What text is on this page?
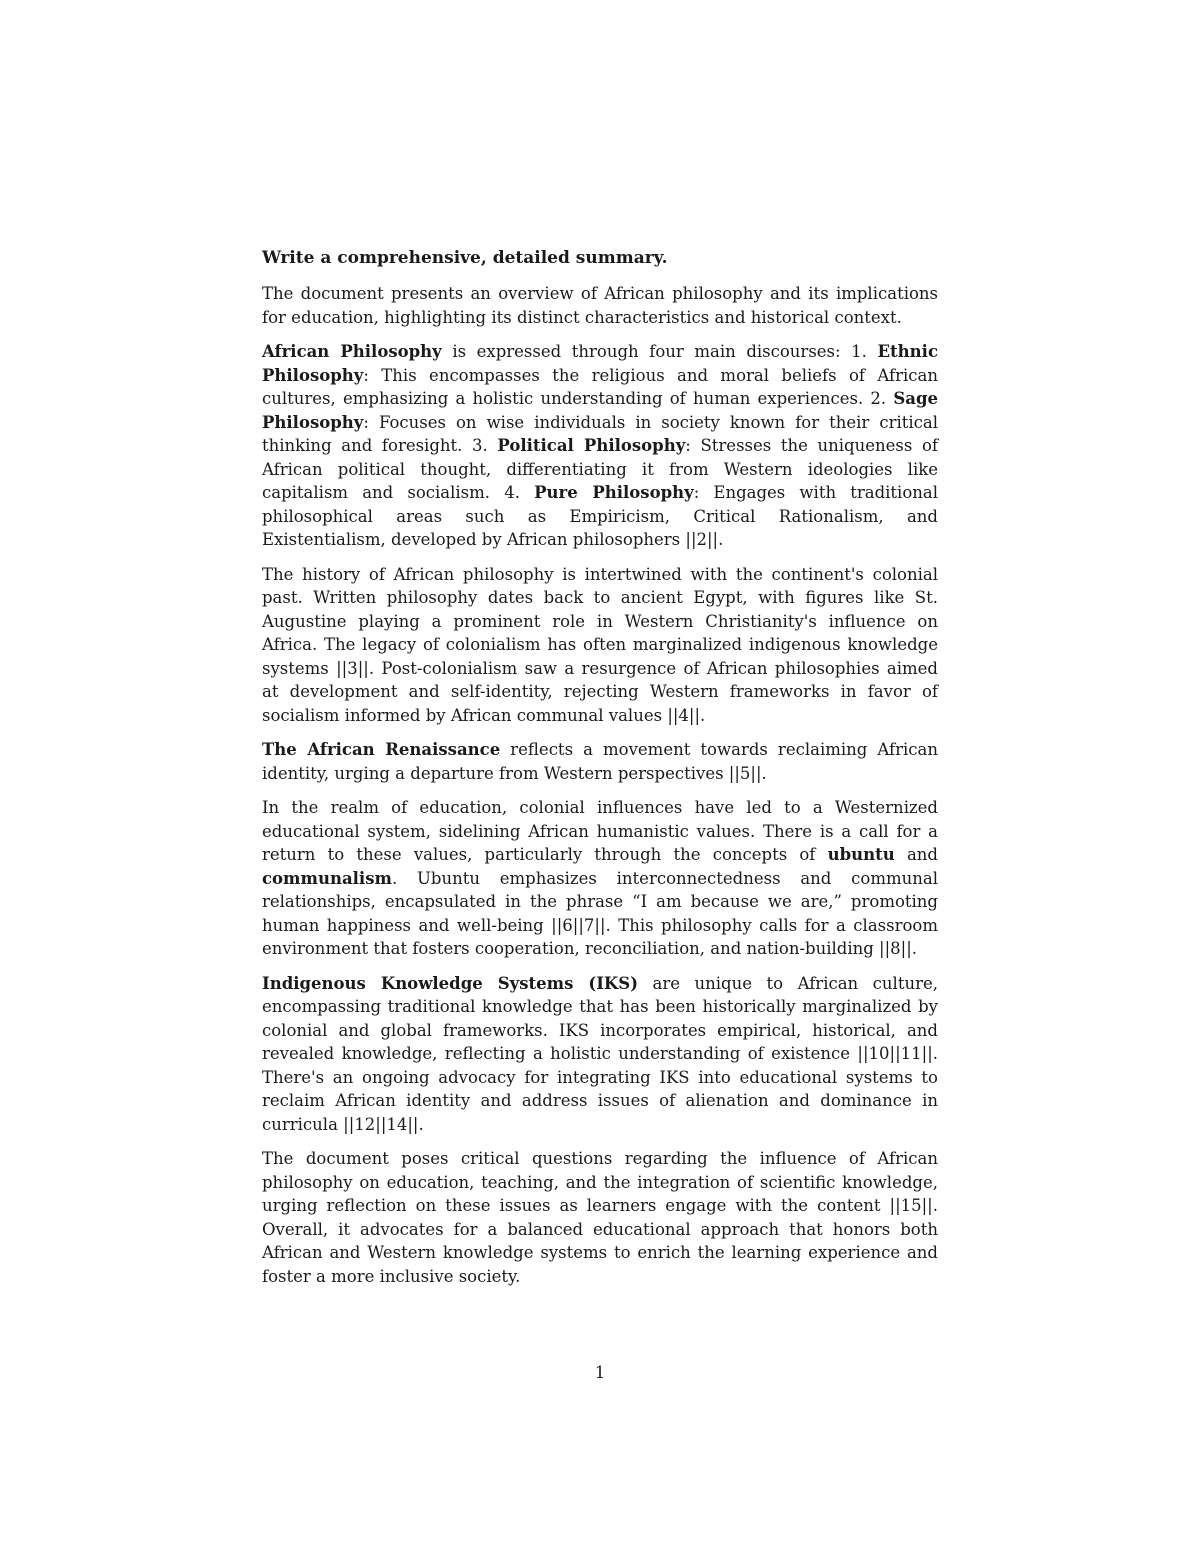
Write a comprehensive, detailed summary.

The document presents an overview of African philosophy and its implications for education, highlighting its distinct characteristics and historical context.

African Philosophy is expressed through four main discourses: 1. Ethnic Philosophy: This encompasses the religious and moral beliefs of African cultures, emphasizing a holistic understanding of human experiences. 2. Sage Philosophy: Focuses on wise individuals in society known for their critical thinking and foresight. 3. Political Philosophy: Stresses the uniqueness of African political thought, differentiating it from Western ideologies like capitalism and socialism. 4. Pure Philosophy: Engages with traditional philosophical areas such as Empiricism, Critical Rationalism, and Existentialism, developed by African philosophers ||2||.

The history of African philosophy is intertwined with the continent's colonial past. Written philosophy dates back to ancient Egypt, with figures like St. Augustine playing a prominent role in Western Christianity's influence on Africa. The legacy of colonialism has often marginalized indigenous knowledge systems ||3||. Post-colonialism saw a resurgence of African philosophies aimed at development and self-identity, rejecting Western frameworks in favor of socialism informed by African communal values ||4||.

The African Renaissance reflects a movement towards reclaiming African identity, urging a departure from Western perspectives ||5||.

In the realm of education, colonial influences have led to a Westernized educational system, sidelining African humanistic values. There is a call for a return to these values, particularly through the concepts of ubuntu and communalism. Ubuntu emphasizes interconnectedness and communal relationships, encapsulated in the phrase “I am because we are,” promoting human happiness and well-being ||6||7||. This philosophy calls for a classroom environment that fosters cooperation, reconciliation, and nation-building ||8||.

Indigenous Knowledge Systems (IKS) are unique to African culture, encompassing traditional knowledge that has been historically marginalized by colonial and global frameworks. IKS incorporates empirical, historical, and revealed knowledge, reflecting a holistic understanding of existence ||10||11||. There's an ongoing advocacy for integrating IKS into educational systems to reclaim African identity and address issues of alienation and dominance in curricula ||12||14||.

The document poses critical questions regarding the influence of African philosophy on education, teaching, and the integration of scientific knowledge, urging reflection on these issues as learners engage with the content ||15||. Overall, it advocates for a balanced educational approach that honors both African and Western knowledge systems to enrich the learning experience and foster a more inclusive society.

1
